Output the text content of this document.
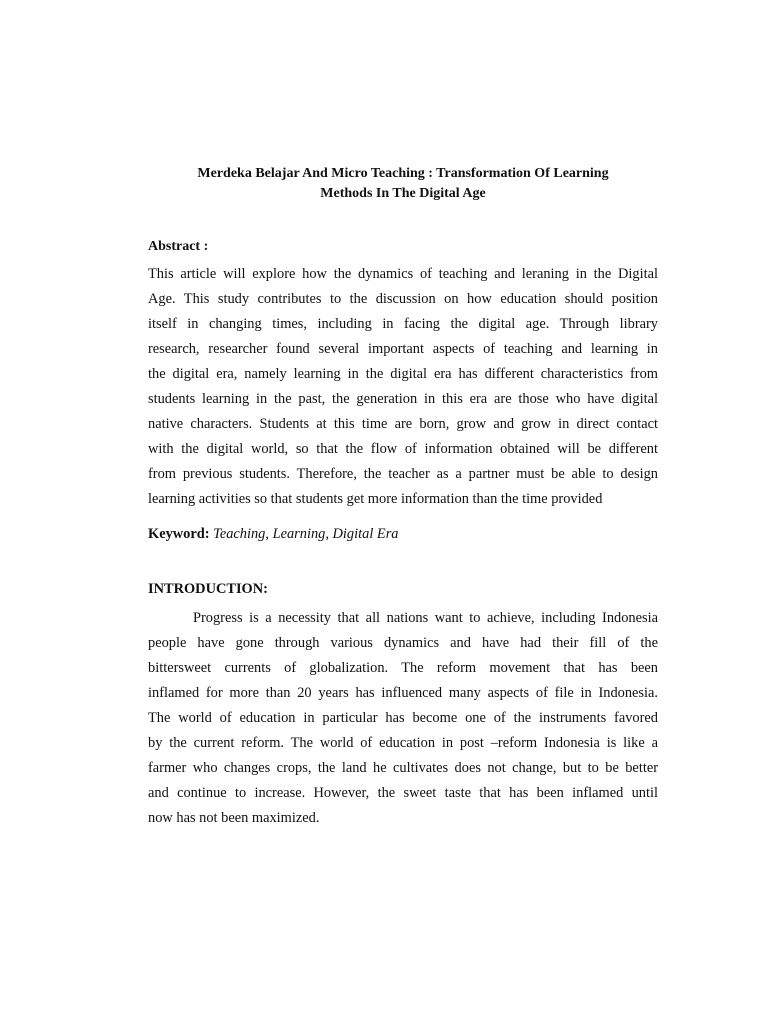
Merdeka Belajar And Micro Teaching : Transformation Of Learning
Methods In The Digital Age
Abstract :
This article will explore how the dynamics of teaching and leraning in the Digital
Age. This study contributes to the discussion on how education should position
itself in changing times, including in facing the digital age. Through library
research, researcher found several important aspects of teaching and learning in
the digital era, namely learning in the digital era has different characteristics from
students learning in the past, the generation in this era are those who have digital
native characters. Students at this time are born, grow and grow in direct contact
with the digital world, so that the flow of information obtained will be different
from previous students. Therefore, the teacher as a partner must be able to design
learning activities so that students get more information than the time provided
Keyword: Teaching, Learning, Digital Era
INTRODUCTION:
Progress is a necessity that all nations want to achieve, including Indonesia
people have gone through various dynamics and have had their fill of the
bittersweet currents of globalization. The reform movement that has been
inflamed for more than 20 years has influenced many aspects of file in Indonesia.
The world of education in particular has become one of the instruments favored
by the current reform. The world of education in post –reform Indonesia is like a
farmer who changes crops, the land he cultivates does not change, but to be better
and continue to increase. However, the sweet taste that has been inflamed until
now has not been maximized.
